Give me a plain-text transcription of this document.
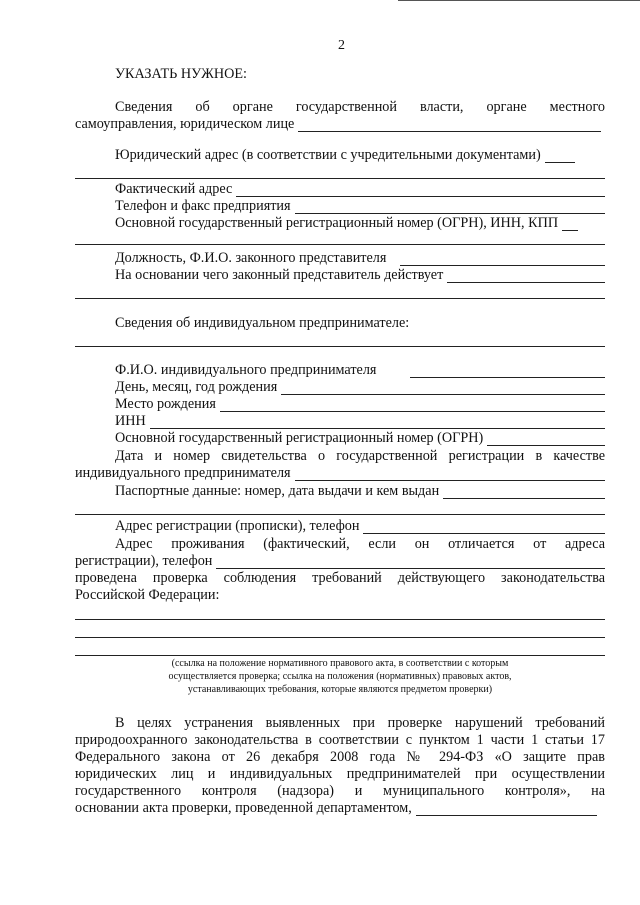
2
УКАЗАТЬ НУЖНОЕ:
Сведения об органе государственной власти, органе местного
самоуправления, юридическом лице
Юридический адрес (в соответствии с учредительными документами)
Фактический адрес
Телефон и факс предприятия
Основной государственный регистрационный номер (ОГРН), ИНН, КПП
Должность, Ф.И.О. законного представителя
На основании чего законный представитель действует
Сведения об индивидуальном предпринимателе:
Ф.И.О. индивидуального предпринимателя
День, месяц, год рождения
Место рождения
ИНН
Основной государственный регистрационный номер (ОГРН)
Дата и номер свидетельства о государственной регистрации в качестве
индивидуального предпринимателя
Паспортные данные: номер, дата выдачи и кем выдан
Адрес регистрации (прописки), телефон
Адрес проживания (фактический, если он отличается от адреса
регистрации), телефон
проведена проверка соблюдения требований действующего законодательства
Российской Федерации:
(ссылка на положение нормативного правового акта, в соответствии с которым
осуществляется проверка; ссылка на положения (нормативных) правовых актов,
устанавливающих требования, которые являются предметом проверки)
В целях устранения выявленных при проверке нарушений требований
природоохранного законодательства в соответствии с пунктом 1 части 1 статьи 17
Федерального закона от 26 декабря 2008 года № 294-ФЗ «О защите прав
юридических лиц и индивидуальных предпринимателей при осуществлении
государственного контроля (надзора) и муниципального контроля», на
основании акта проверки, проведенной департаментом,
